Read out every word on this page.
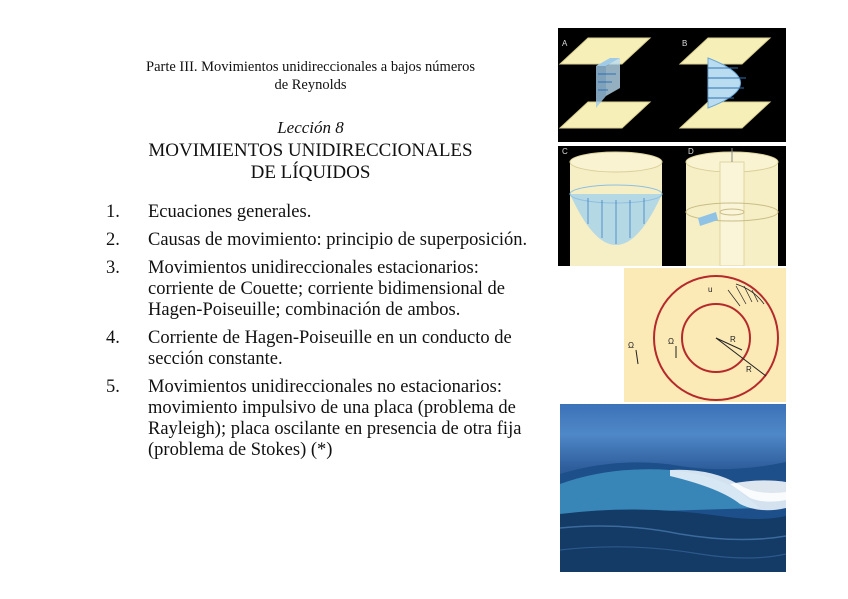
Parte III. Movimientos unidireccionales a bajos números
de Reynolds
Lección 8
MOVIMIENTOS UNIDIRECCIONALES
DE LÍQUIDOS
1.	Ecuaciones generales.
2.	Causas de movimiento: principio de superposición.
3.	Movimientos unidireccionales estacionarios: corriente de Couette; corriente bidimensional de Hagen-Poiseuille; combinación de ambos.
4.	Corriente de Hagen-Poiseuille en un conducto de sección constante.
5.	Movimientos unidireccionales no estacionarios: movimiento impulsivo de una placa (problema de Rayleigh); placa oscilante en presencia de otra fija (problema de Stokes) (*)
A	B
D
C
u
Ω	Ω	R
R
